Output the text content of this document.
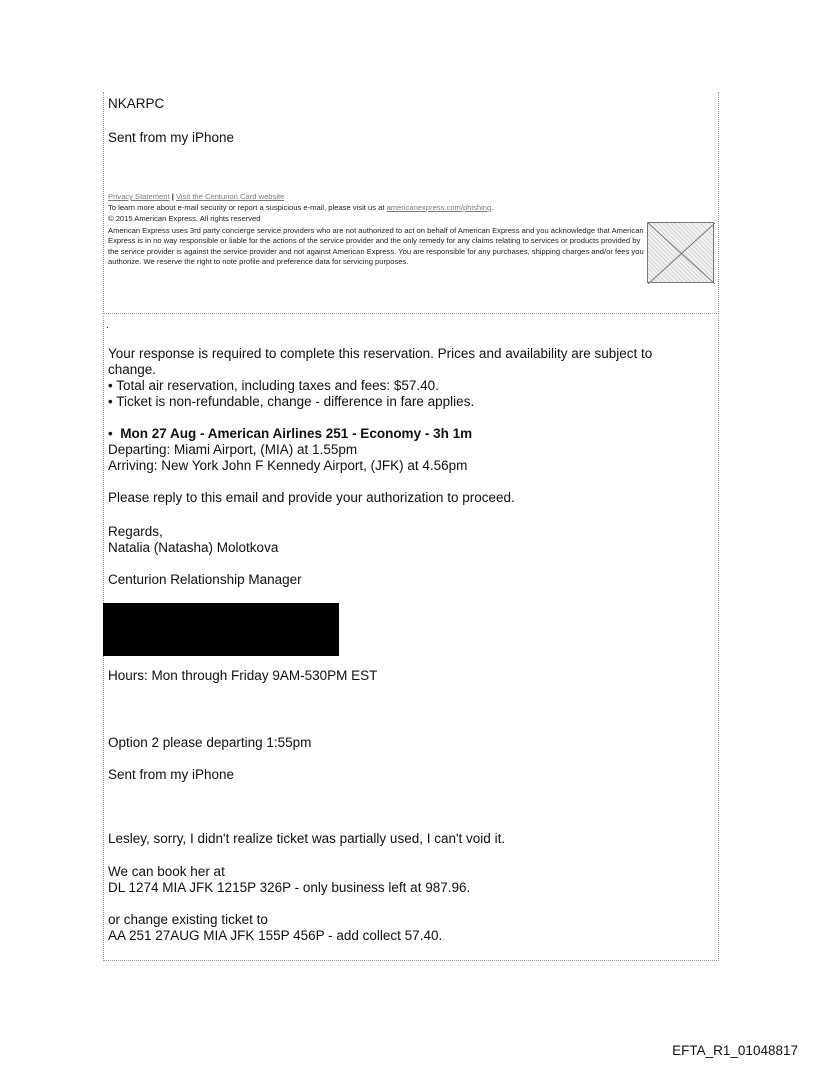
NKARPC
Sent from my iPhone
Privacy Statement | Visit the Centurion Card website
To learn more about e-mail security or report a suspicious e-mail, please visit us at americanexpress.com/phishing.
© 2015 American Express. All rights reserved
American Express uses 3rd party concierge service providers who are not authorized to act on behalf of American Express and you acknowledge that American Express is in no way responsible or liable for the actions of the service provider and the only remedy for any claims relating to services or products provided by the service provider is against the service provider and not against American Express. You are responsible for any purchases, shipping charges and/or fees you authorize. We reserve the right to note profile and preference data for servicing purposes.
.
Your response is required to complete this reservation. Prices and availability are subject to
change.
• Total air reservation, including taxes and fees: $57.40.
• Ticket is non-refundable, change - difference in fare applies.
• Mon 27 Aug - American Airlines 251 - Economy - 3h 1m
Departing: Miami Airport, (MIA) at 1.55pm
Arriving: New York John F Kennedy Airport, (JFK) at 4.56pm
Please reply to this email and provide your authorization to proceed.
Regards,
Natalia (Natasha) Molotkova
Centurion Relationship Manager
Hours: Mon through Friday 9AM-530PM EST
Option 2 please departing 1:55pm
Sent from my iPhone
Lesley, sorry, I didn't realize ticket was partially used, I can't void it.
We can book her at
DL 1274 MIA JFK 1215P 326P - only business left at 987.96.
or change existing ticket to
AA 251 27AUG MIA JFK 155P 456P - add collect 57.40.
EFTA_R1_01048817
